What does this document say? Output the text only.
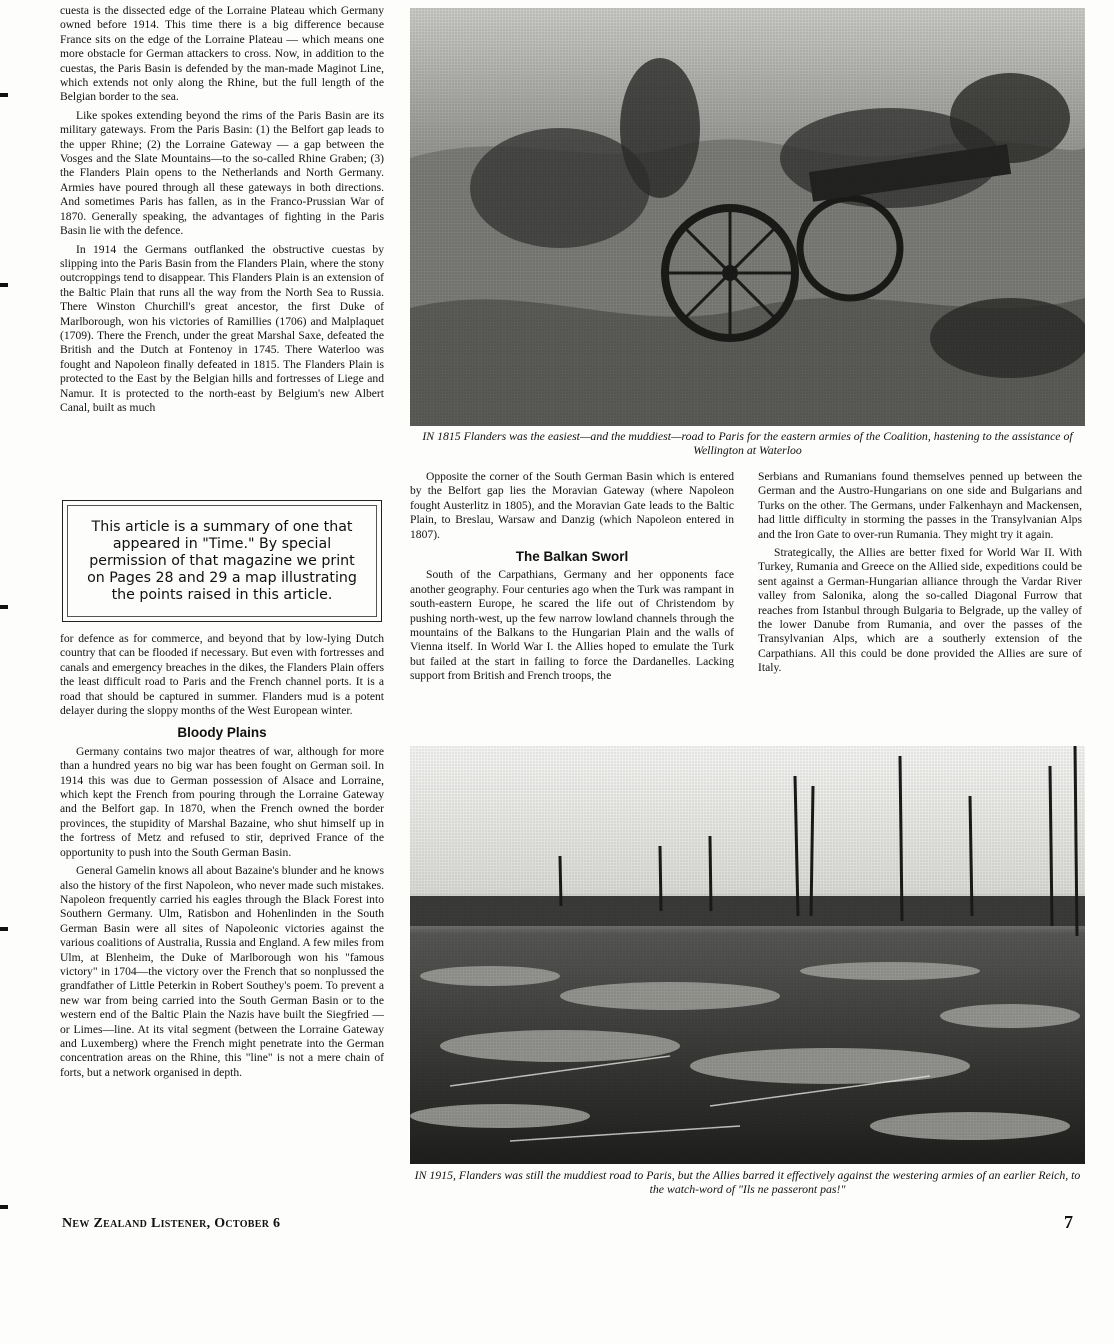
cuesta is the dissected edge of the Lorraine Plateau which Germany owned before 1914. This time there is a big difference because France sits on the edge of the Lorraine Plateau — which means one more obstacle for German attackers to cross. Now, in addition to the cuestas, the Paris Basin is defended by the man-made Maginot Line, which extends not only along the Rhine, but the full length of the Belgian border to the sea.

Like spokes extending beyond the rims of the Paris Basin are its military gateways. From the Paris Basin: (1) the Belfort gap leads to the upper Rhine; (2) the Lorraine Gateway — a gap between the Vosges and the Slate Mountains—to the so-called Rhine Graben; (3) the Flanders Plain opens to the Netherlands and North Germany. Armies have poured through all these gateways in both directions. And sometimes Paris has fallen, as in the Franco-Prussian War of 1870. Generally speaking, the advantages of fighting in the Paris Basin lie with the defence.

In 1914 the Germans outflanked the obstructive cuestas by slipping into the Paris Basin from the Flanders Plain, where the stony outcroppings tend to disappear. This Flanders Plain is an extension of the Baltic Plain that runs all the way from the North Sea to Russia. There Winston Churchill's great ancestor, the first Duke of Marlborough, won his victories of Ramillies (1706) and Malplaquet (1709). There the French, under the great Marshal Saxe, defeated the British and the Dutch at Fontenoy in 1745. There Waterloo was fought and Napoleon finally defeated in 1815. The Flanders Plain is protected to the East by the Belgian hills and fortresses of Liege and Namur. It is protected to the north-east by Belgium's new Albert Canal, built as much

This article is a summary of one that appeared in "Time." By special permission of that magazine we print on Pages 28 and 29 a map illustrating the points raised in this article.

for defence as for commerce, and beyond that by low-lying Dutch country that can be flooded if necessary. But even with fortresses and canals and emergency breaches in the dikes, the Flanders Plain offers the least difficult road to Paris and the French channel ports. It is a road that should be captured in summer. Flanders mud is a potent delayer during the sloppy months of the West European winter.

Bloody Plains

Germany contains two major theatres of war, although for more than a hundred years no big war has been fought on German soil. In 1914 this was due to German possession of Alsace and Lorraine, which kept the French from pouring through the Lorraine Gateway and the Belfort gap. In 1870, when the French owned the border provinces, the stupidity of Marshal Bazaine, who shut himself up in the fortress of Metz and refused to stir, deprived France of the opportunity to push into the South German Basin.

General Gamelin knows all about Bazaine's blunder and he knows also the history of the first Napoleon, who never made such mistakes. Napoleon frequently carried his eagles through the Black Forest into Southern Germany. Ulm, Ratisbon and Hohenlinden in the South German Basin were all sites of Napoleonic victories against the various coalitions of Australia, Russia and England. A few miles from Ulm, at Blenheim, the Duke of Marlborough won his "famous victory" in 1704—the victory over the French that so nonplussed the grandfather of Little Peterkin in Robert Southey's poem. To prevent a new war from being carried into the South German Basin or to the western end of the Baltic Plain the Nazis have built the Siegfried —or Limes—line. At its vital segment (between the Lorraine Gateway and Luxemberg) where the French might penetrate into the German concentration areas on the Rhine, this "line" is not a mere chain of forts, but a network organised in depth.

IN 1815 Flanders was the easiest—and the muddiest—road to Paris for the eastern armies of the Coalition, hastening to the assistance of Wellington at Waterloo

Opposite the corner of the South German Basin which is entered by the Belfort gap lies the Moravian Gateway (where Napoleon fought Austerlitz in 1805), and the Moravian Gate leads to the Baltic Plain, to Breslau, Warsaw and Danzig (which Napoleon entered in 1807).

The Balkan Sworl

South of the Carpathians, Germany and her opponents face another geography. Four centuries ago when the Turk was rampant in south-eastern Europe, he scared the life out of Christendom by pushing north-west, up the few narrow lowland channels through the mountains of the Balkans to the Hungarian Plain and the walls of Vienna itself. In World War I. the Allies hoped to emulate the Turk but failed at the start in failing to force the Dardanelles. Lacking support from British and French troops, the

Serbians and Rumanians found themselves penned up between the German and the Austro-Hungarians on one side and Bulgarians and Turks on the other. The Germans, under Falkenhayn and Mackensen, had little difficulty in storming the passes in the Transylvanian Alps and the Iron Gate to over-run Rumania. They might try it again.

Strategically, the Allies are better fixed for World War II. With Turkey, Rumania and Greece on the Allied side, expeditions could be sent against a German-Hungarian alliance through the Vardar River valley from Salonika, along the so-called Diagonal Furrow that reaches from Istanbul through Bulgaria to Belgrade, up the valley of the lower Danube from Rumania, and over the passes of the Transylvanian Alps, which are a southerly extension of the Carpathians. All this could be done provided the Allies are sure of Italy.

IN 1915, Flanders was still the muddiest road to Paris, but the Allies barred it effectively against the westering armies of an earlier Reich, to the watch-word of "Ils ne passeront pas!"
New Zealand Listener, October 6	7
